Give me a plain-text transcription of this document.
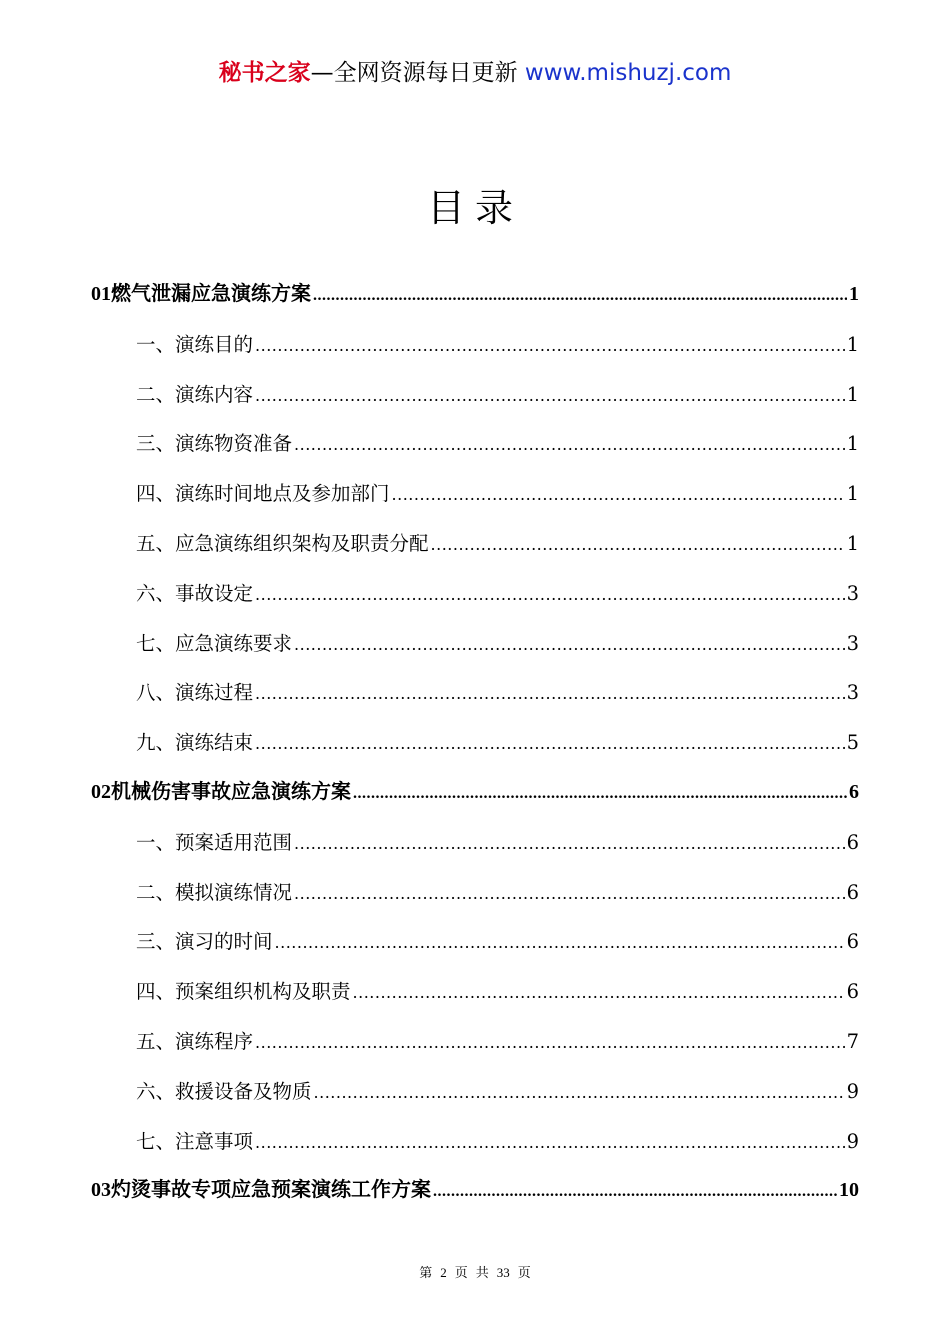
秘书之家—全网资源每日更新 www.mishuzj.com
目录
01 燃气泄漏应急演练方案 .....	1
一、 演练目的 .....	1
二、 演练内容 .....	1
三、 演练物资准备 .....	1
四、 演练时间地点及参加部门 .....	1
五、 应急演练组织架构及职责分配 .....	1
六、 事故设定 .....	3
七、 应急演练要求 .....	3
八、 演练过程 .....	3
九、 演练结束 .....	5
02 机械伤害事故应急演练方案 .....	6
一、 预案适用范围 .....	6
二、 模拟演练情况 .....	6
三、 演习的时间 .....	6
四、 预案组织机构及职责 .....	6
五、 演练程序 .....	7
六、 救援设备及物质 .....	9
七、 注意事项 .....	9
03 灼烫事故专项应急预案演练工作方案 .....	10
第 2 页 共 33 页
